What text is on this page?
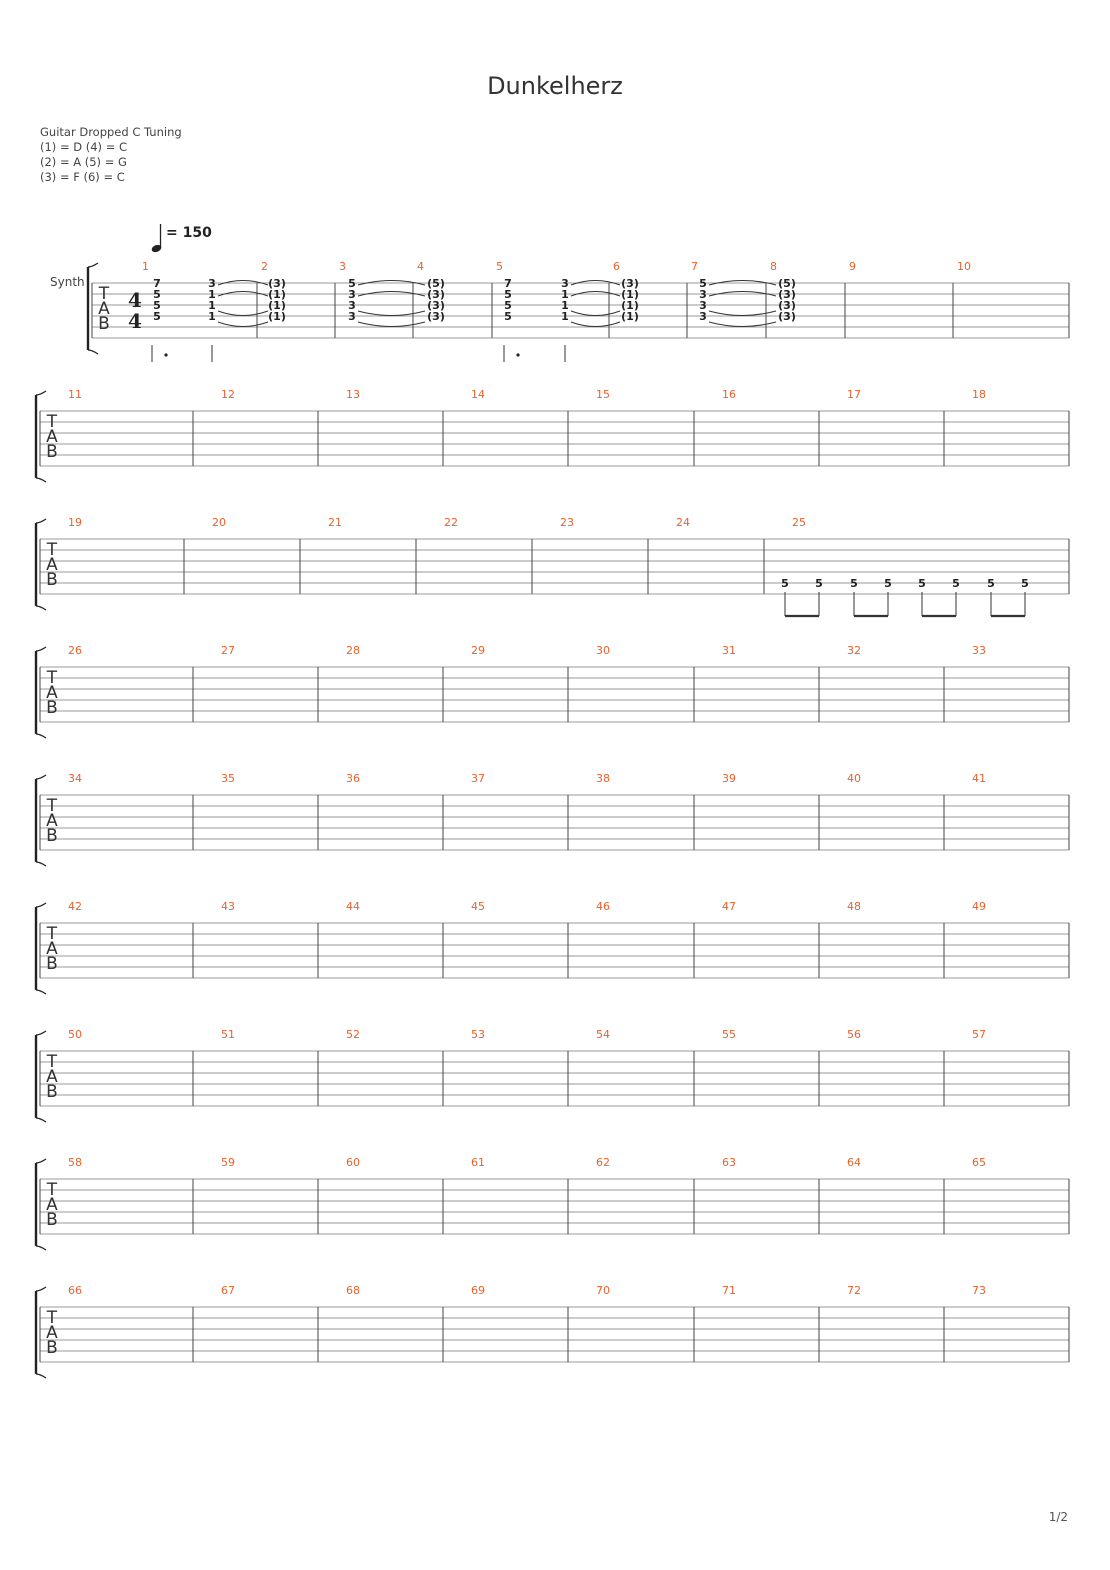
Dunkelherz
Guitar Dropped C Tuning
(1) = D (4) = C
(2) = A (5) = G
(3) = F (6) = C
= 150
T
A
B
1	2	3	4	5	6	7	8	9	10
T
A
B
11	12	13	14	15	16	17	18
T
A
B
19	20	21	22	23	24	25
T
A
B
26	27	28	29	30	31	32	33
T
A
B
34	35	36	37	38	39	40	41
T
A
B
42	43	44	45	46	47	48	49
T
A
B
50	51	52	53	54	55	56	57
T
A
B
58	59	60	61	62	63	64	65
T
A
B
66	67	68	69	70	71	72	73
Synth
4
4
7
5
5
5
3
1
1
1
(3)
(1)
(1)
(1)
5
3
3
3
(5)
(3)
(3)
(3)
7
5
5
5
3
1
1
1
(3)
(1)
(1)
(1)
5
3
3
3
(5)
(3)
(3)
(3)
5 5 5 5 5 5 5 5
1/2
